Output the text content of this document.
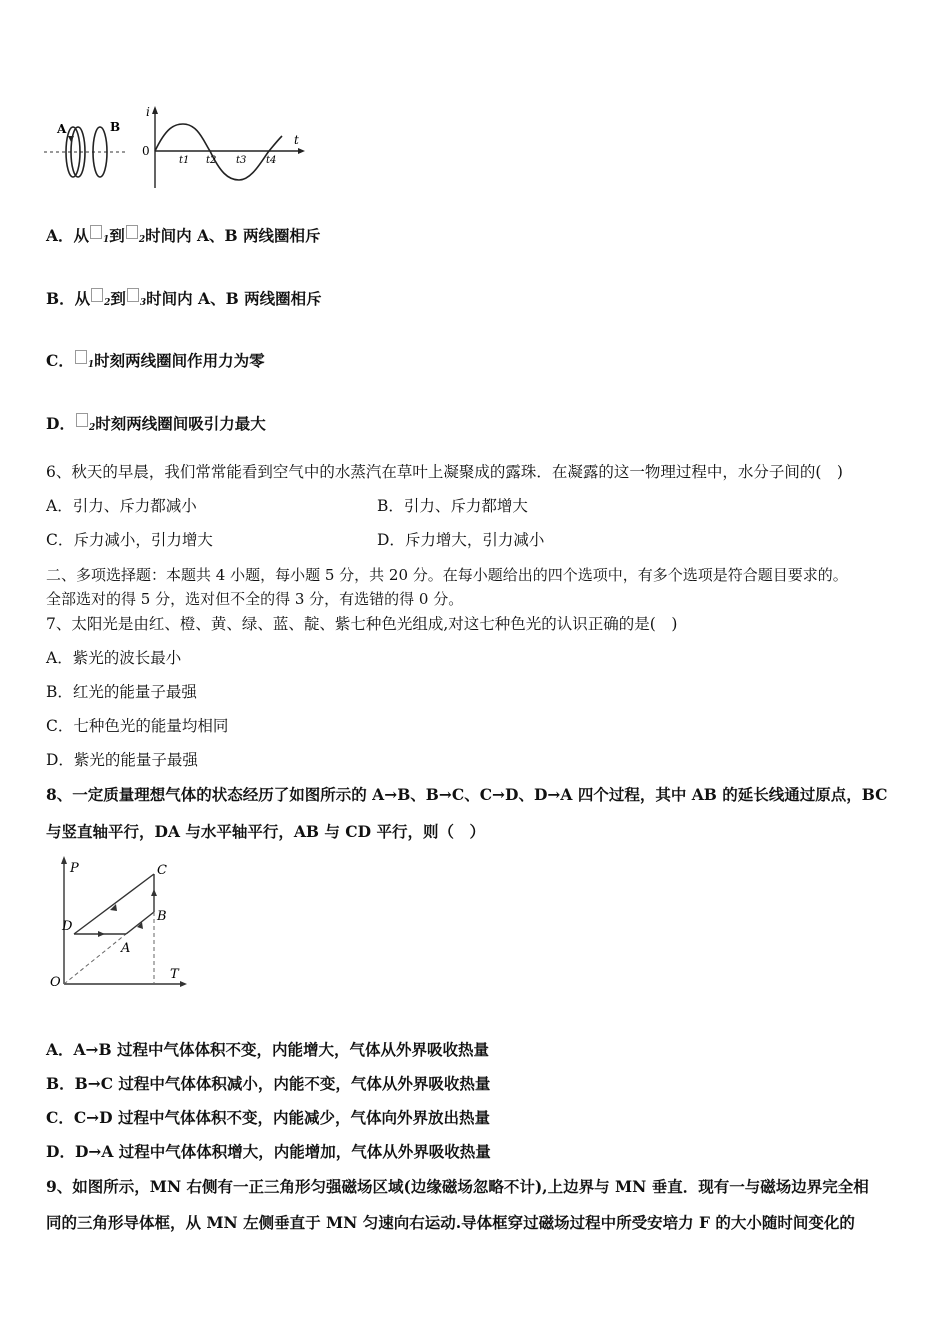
A	B
i
t
0
t1 t2 t3 t4
A．从 1到 2时间内 A、B 两线圈相斥
B．从 2到 3时间内 A、B 两线圈相斥
C． 1时刻两线圈间作用力为零
D． 2时刻两线圈间吸引力最大
6、秋天的早晨，我们常常能看到空气中的水蒸汽在草叶上凝聚成的露珠．在凝露的这一物理过程中，水分子间的(　)
A．引力、斥力都减小	B．引力、斥力都增大
C．斥力减小，引力增大	D．斥力增大，引力减小
二、多项选择题：本题共 4 小题，每小题 5 分，共 20 分。在每小题给出的四个选项中，有多个选项是符合题目要求的。
全部选对的得 5 分，选对但不全的得 3 分，有选错的得 0 分。
7、太阳光是由红、橙、黄、绿、蓝、靛、紫七种色光组成,对这七种色光的认识正确的是(　)
A．紫光的波长最小
B．红光的能量子最强
C．七种色光的能量均相同
D．紫光的能量子最强
8、一定质量理想气体的状态经历了如图所示的 A→B、B→C、C→D、D→A 四个过程，其中 AB 的延长线通过原点，BC
与竖直轴平行，DA 与水平轴平行，AB 与 CD 平行，则（　）
P
T
O
C
B
D
A
A．A→B 过程中气体体积不变，内能增大，气体从外界吸收热量
B．B→C 过程中气体体积减小，内能不变，气体从外界吸收热量
C．C→D 过程中气体体积不变，内能减少，气体向外界放出热量
D．D→A 过程中气体体积增大，内能增加，气体从外界吸收热量
9、如图所示，MN 右侧有一正三角形匀强磁场区域(边缘磁场忽略不计),上边界与 MN 垂直．现有一与磁场边界完全相
同的三角形导体框，从 MN 左侧垂直于 MN 匀速向右运动.导体框穿过磁场过程中所受安培力 F 的大小随时间变化的
